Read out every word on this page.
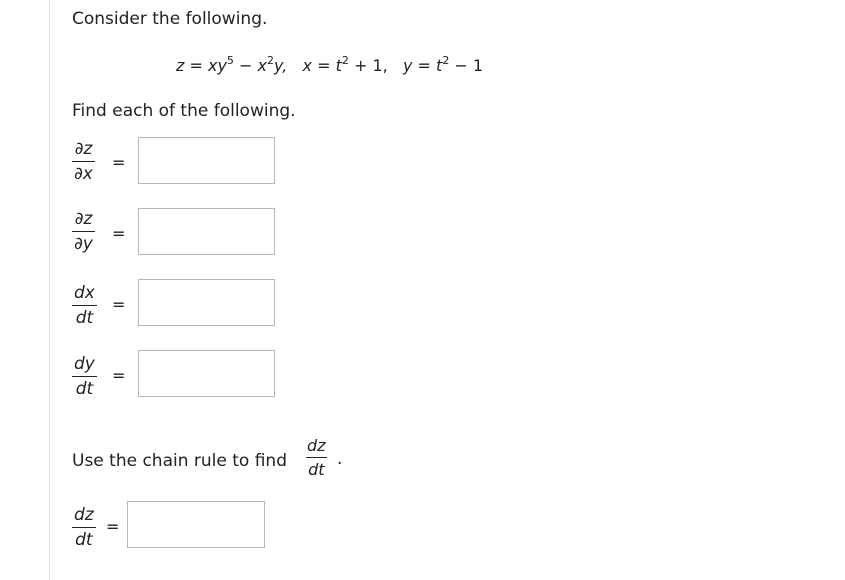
Consider the following.
$z = xy^5 - x^2y$, $x = t^2 + 1$, $y = t^2 - 1$
Find each of the following.
∂z
∂x
=
∂z
∂y
=
dx
dt
=
dy
dt
=
Use the chain rule to find
dz
dt
.
dz
dt
=
